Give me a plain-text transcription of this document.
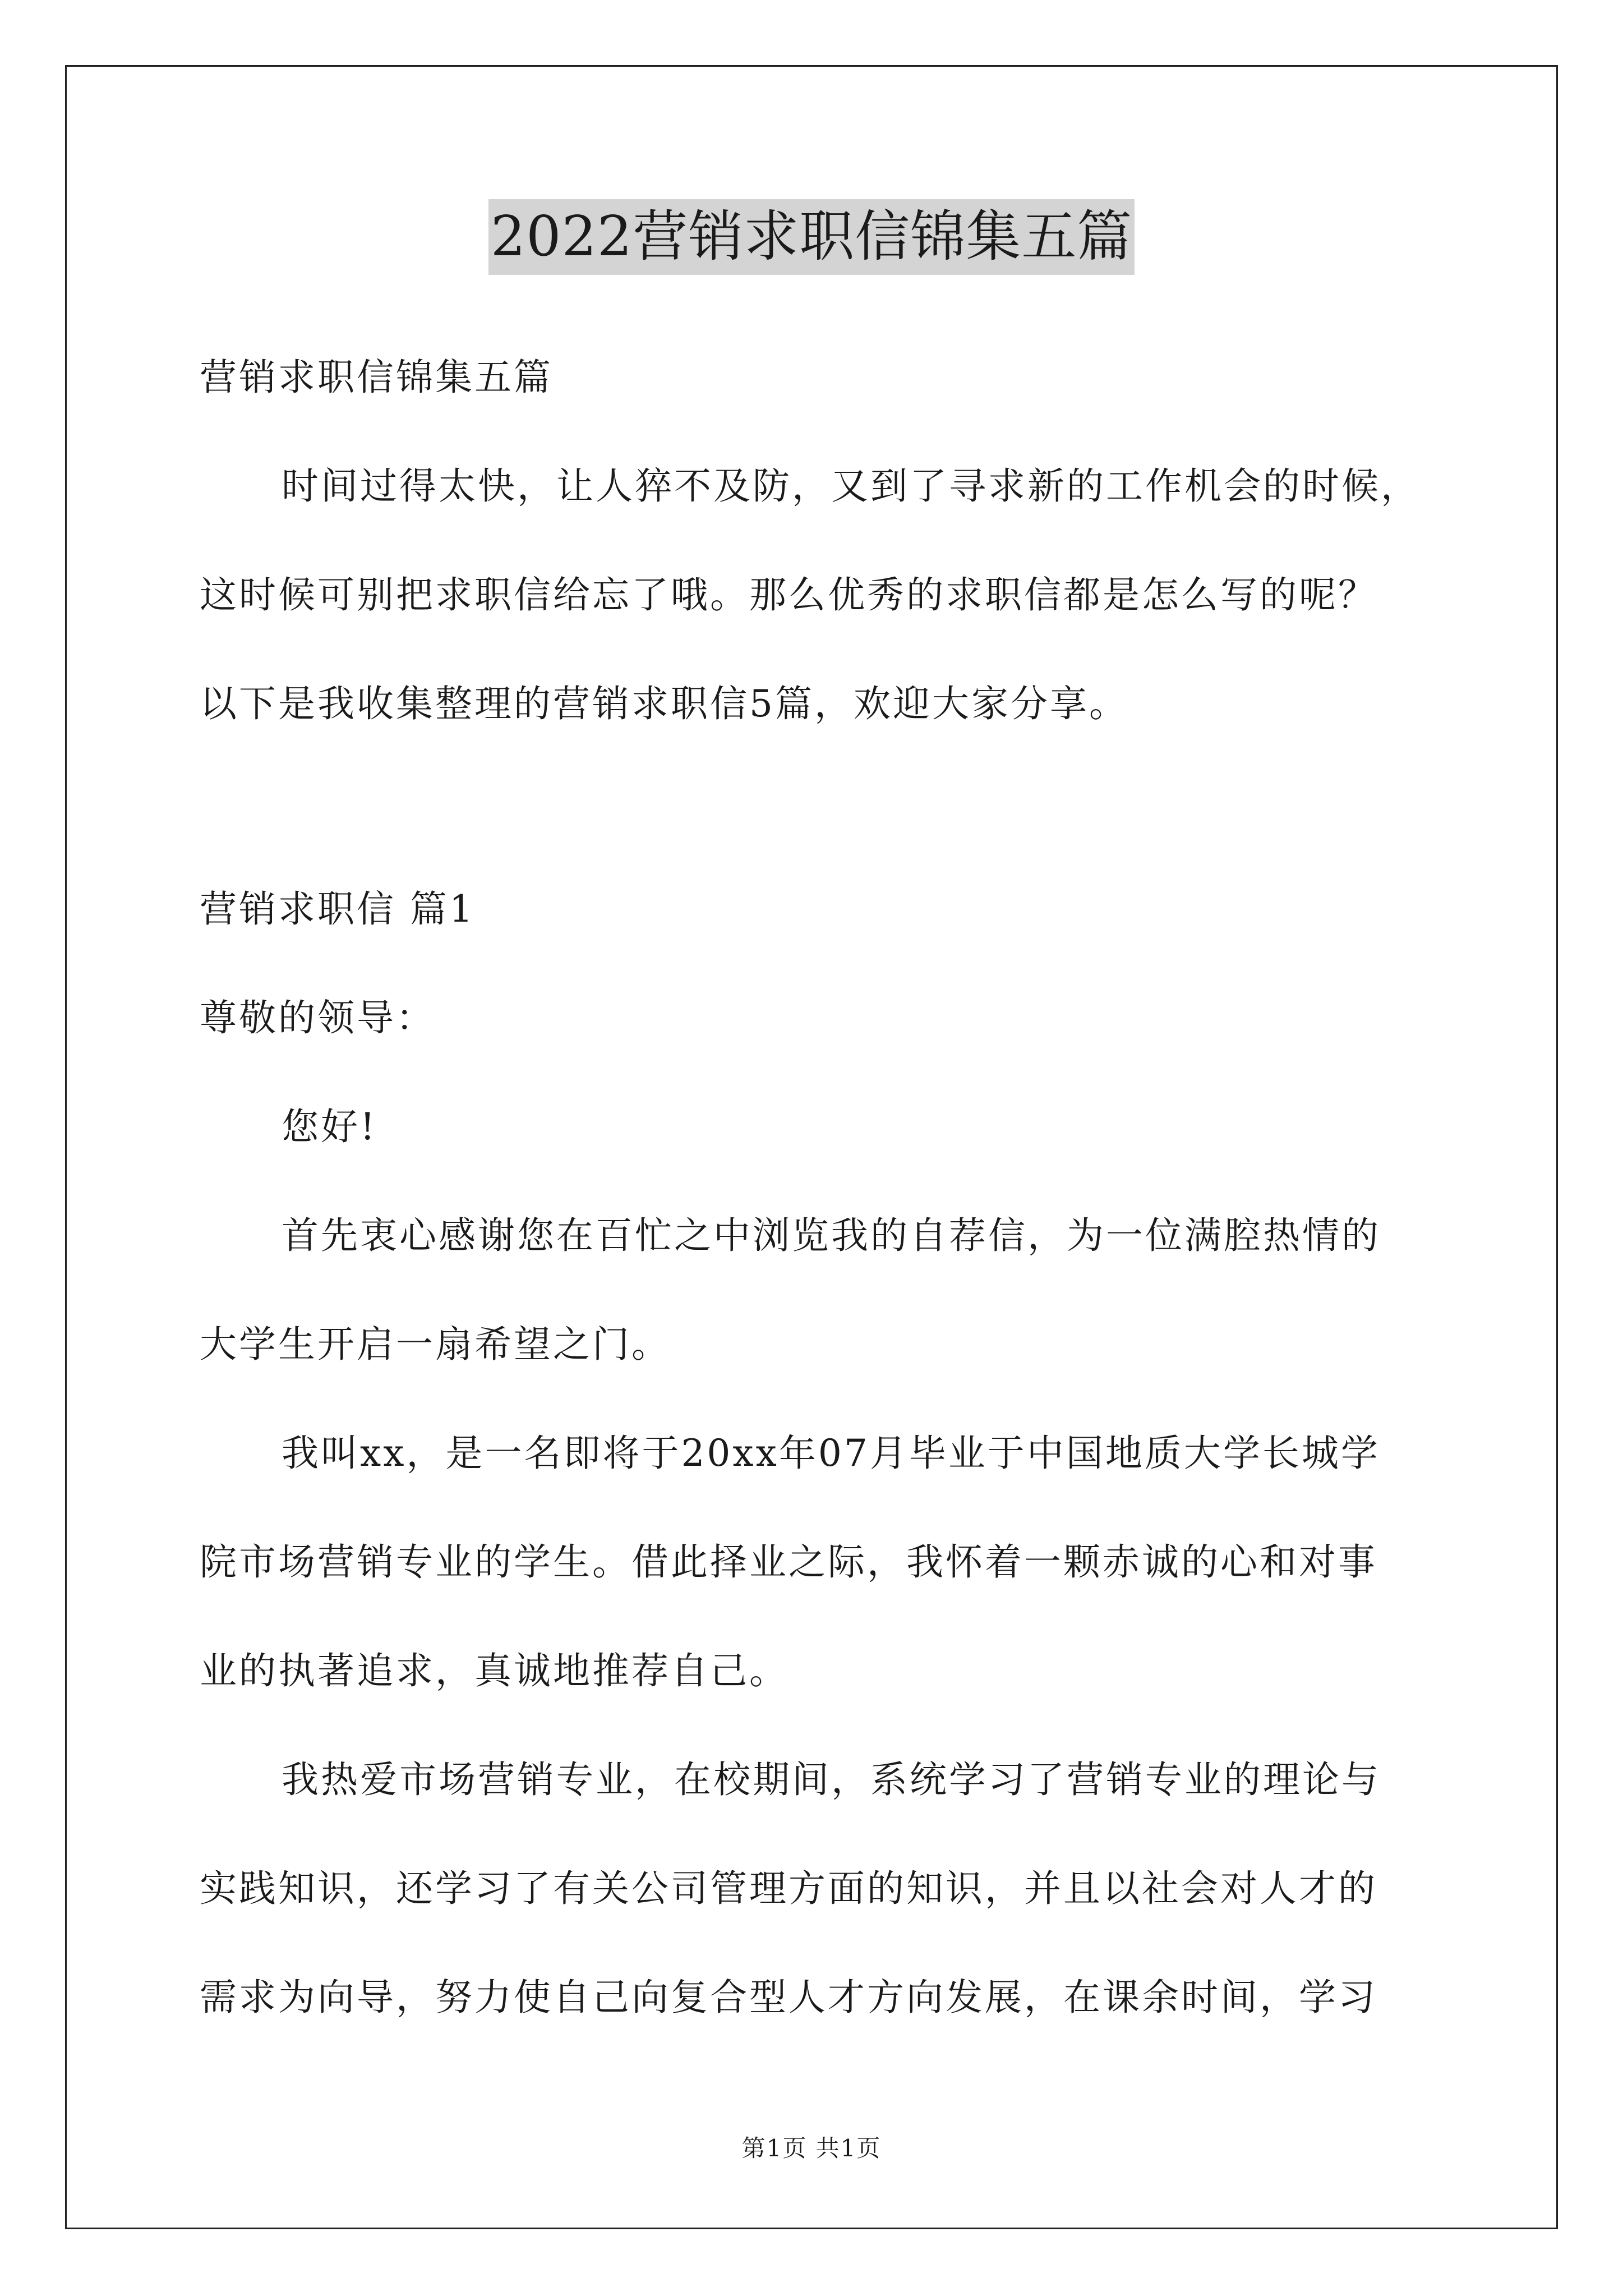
2022营销求职信锦集五篇
营销求职信锦集五篇
时间过得太快，让人猝不及防，又到了寻求新的工作机会的时候，
这时候可别把求职信给忘了哦。那么优秀的求职信都是怎么写的呢？
以下是我收集整理的营销求职信5篇，欢迎大家分享。
营销求职信 篇1
尊敬的领导：
您好!
首先衷心感谢您在百忙之中浏览我的自荐信，为一位满腔热情的
大学生开启一扇希望之门。
我叫xx，是一名即将于20xx年07月毕业于中国地质大学长城学
院市场营销专业的学生。借此择业之际，我怀着一颗赤诚的心和对事
业的执著追求，真诚地推荐自己。
我热爱市场营销专业，在校期间，系统学习了营销专业的理论与
实践知识，还学习了有关公司管理方面的知识，并且以社会对人才的
需求为向导，努力使自己向复合型人才方向发展，在课余时间，学习
第1页 共1页
